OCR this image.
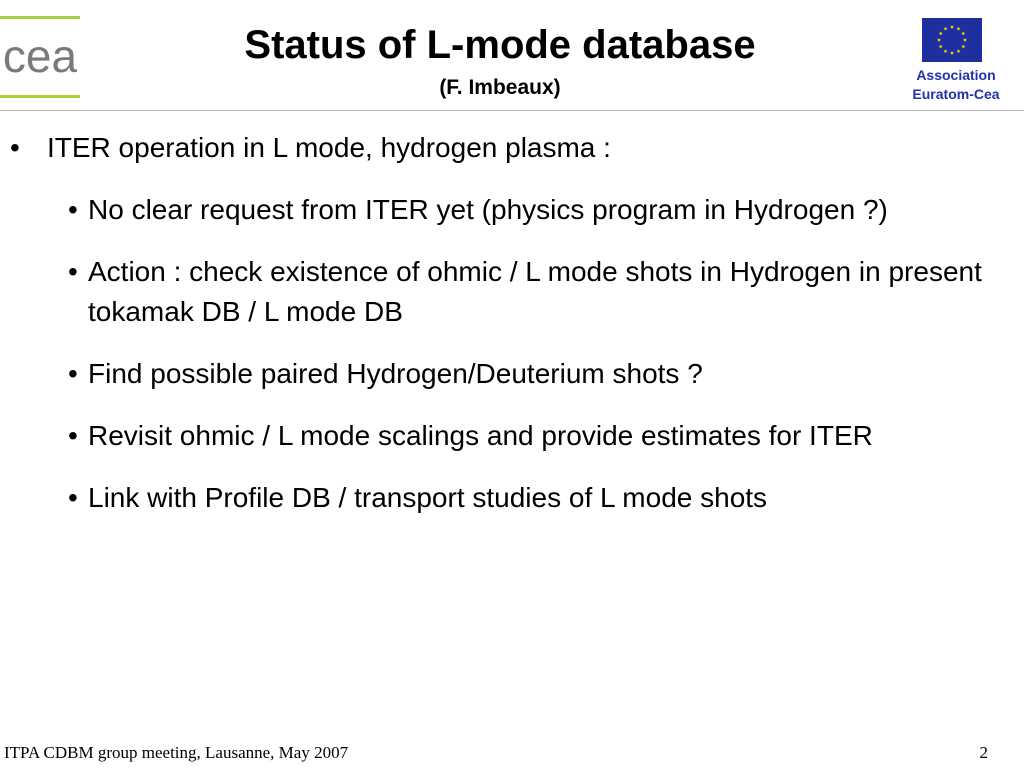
cea	Status of L-mode database
(F. Imbeaux)
Association
Euratom-Cea
• ITER operation in L mode, hydrogen plasma :
• No clear request from ITER yet (physics program in Hydrogen ?)
• Action : check existence of ohmic / L mode shots in Hydrogen in present tokamak DB / L mode DB
• Find possible paired Hydrogen/Deuterium shots ?
• Revisit ohmic / L mode scalings and provide estimates for ITER
• Link with Profile DB / transport studies of L mode shots
ITPA CDBM group meeting, Lausanne, May 2007	2
